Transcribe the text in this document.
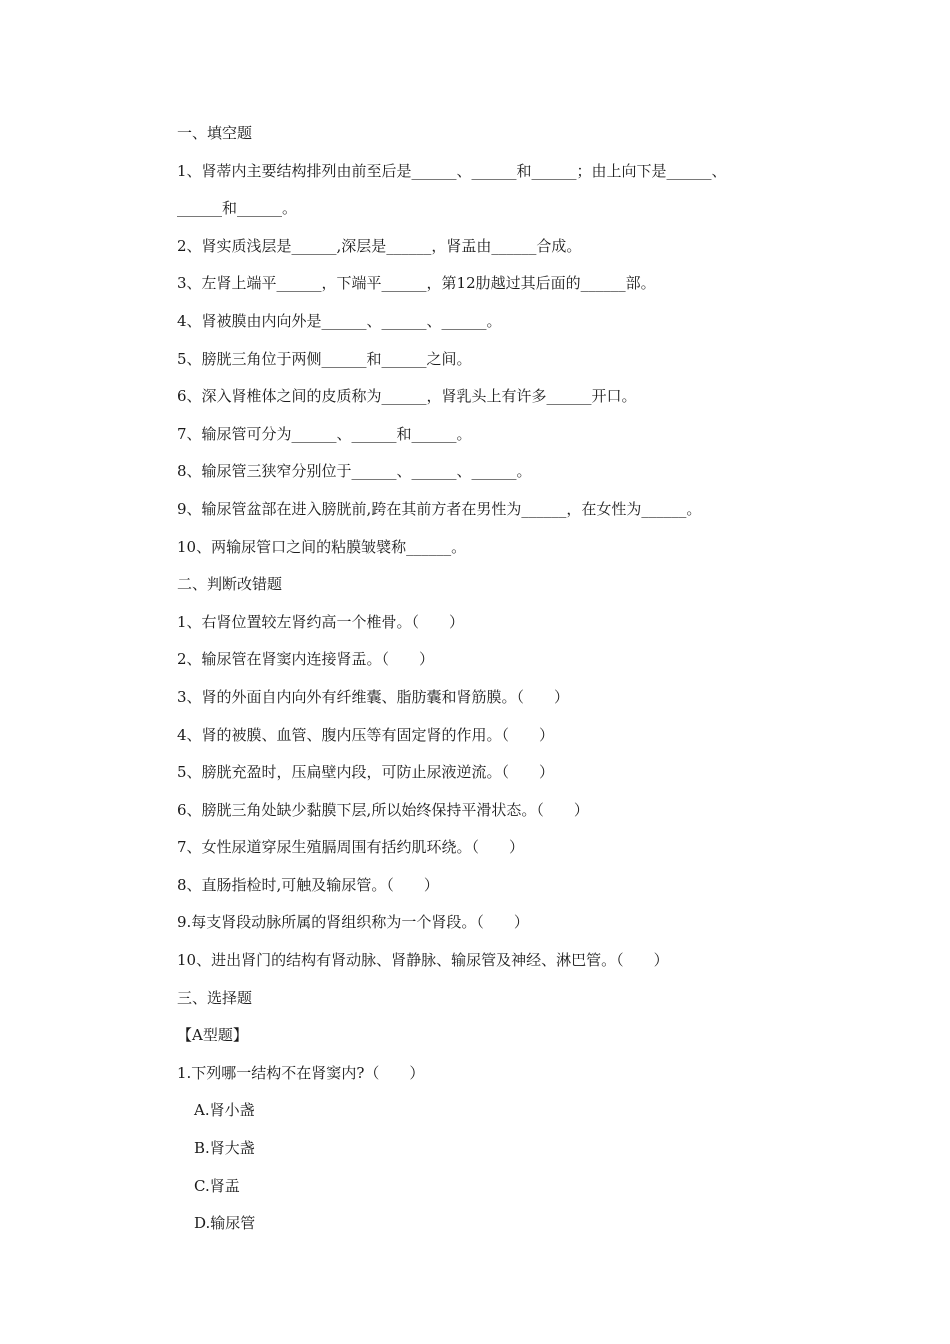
一、填空题
1、肾蒂内主要结构排列由前至后是______、______和______；由上向下是______、
______和______。
2、肾实质浅层是______,深层是______，肾盂由______合成。
3、左肾上端平______，下端平______，第12肋越过其后面的______部。
4、肾被膜由内向外是______、______、______。
5、膀胱三角位于两侧______和______之间。
6、深入肾椎体之间的皮质称为______，肾乳头上有许多______开口。
7、输尿管可分为______、______和______。
8、输尿管三狭窄分别位于______、______、______。
9、输尿管盆部在进入膀胱前,跨在其前方者在男性为______，在女性为______。
10、两输尿管口之间的粘膜皱襞称______。
二、判断改错题
1、右肾位置较左肾约高一个椎骨。（　　）
2、输尿管在肾窦内连接肾盂。（　　）
3、肾的外面自内向外有纤维囊、脂肪囊和肾筋膜。（　　）
4、肾的被膜、血管、腹内压等有固定肾的作用。（　　）
5、膀胱充盈时，压扁壁内段，可防止尿液逆流。（　　）
6、膀胱三角处缺少黏膜下层,所以始终保持平滑状态。（　　）
7、女性尿道穿尿生殖膈周围有括约肌环绕。（　　）
8、直肠指检时,可触及输尿管。（　　）
9.每支肾段动脉所属的肾组织称为一个肾段。（　　）
10、进出肾门的结构有肾动脉、肾静脉、输尿管及神经、淋巴管。（　　）
三、选择题
【A型题】
1.下列哪一结构不在肾窦内?（　　）
A.肾小盏
B.肾大盏
C.肾盂
D.输尿管
